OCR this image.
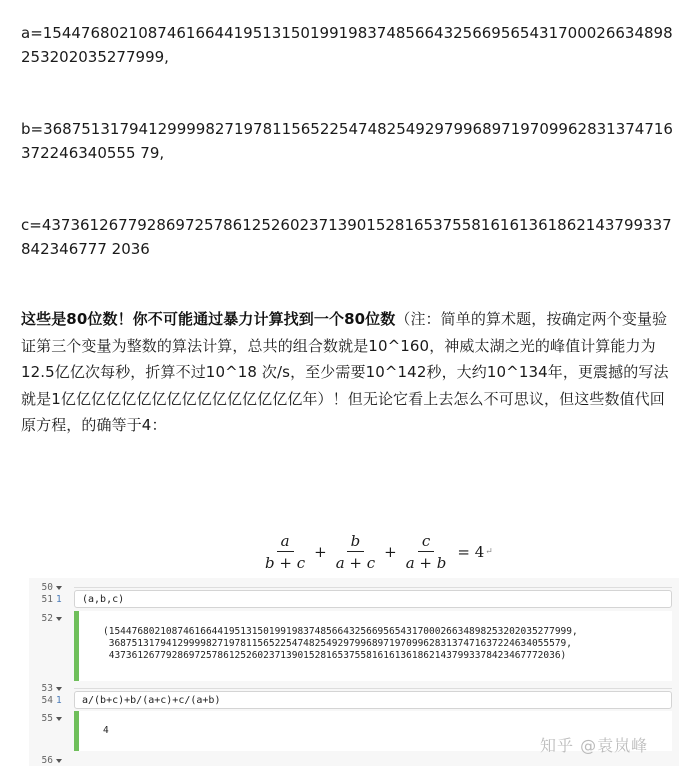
a=154476802108746166441951315019919837485664325669565431700026634898253202035277999,
b=368751317941299998271978115652254748254929799689719709962831374716372246340555 79,
c=437361267792869725786125260237139015281653755816161361862143799337842346777 2036

这些是80位数！你不可能通过暴力计算找到一个80位数（注：简单的算术题，按确定两个变量验证第三个变量为整数的算法计算，总共的组合数就是10^160，神威太湖之光的峰值计算能力为12.5亿亿次每秒，折算不过10^18 次/s，至少需要10^142秒，大约10^134年，更震撼的写法就是1亿亿亿亿亿亿亿亿亿亿亿亿亿亿亿亿年）！但无论它看上去怎么不可思议，但这些数值代回原方程，的确等于4：

$\frac{a}{b + c} + \frac{b}{a + c} + \frac{c}{a + b} = 4$ ↵
50
51 1 (a,b,c)
52
(154476802108746166441951315019919837485664325669565431700026634898253202035277999,
36875131794129999827197811565225474825492979968971970996283137471637224634055579,
4373612677928697257861252602371390152816537558161613618621437993378423467772036)
53
54 1 a/(b+c)+b/(a+c)+c/(a+b)
55
4
56
知乎 @袁岚峰
